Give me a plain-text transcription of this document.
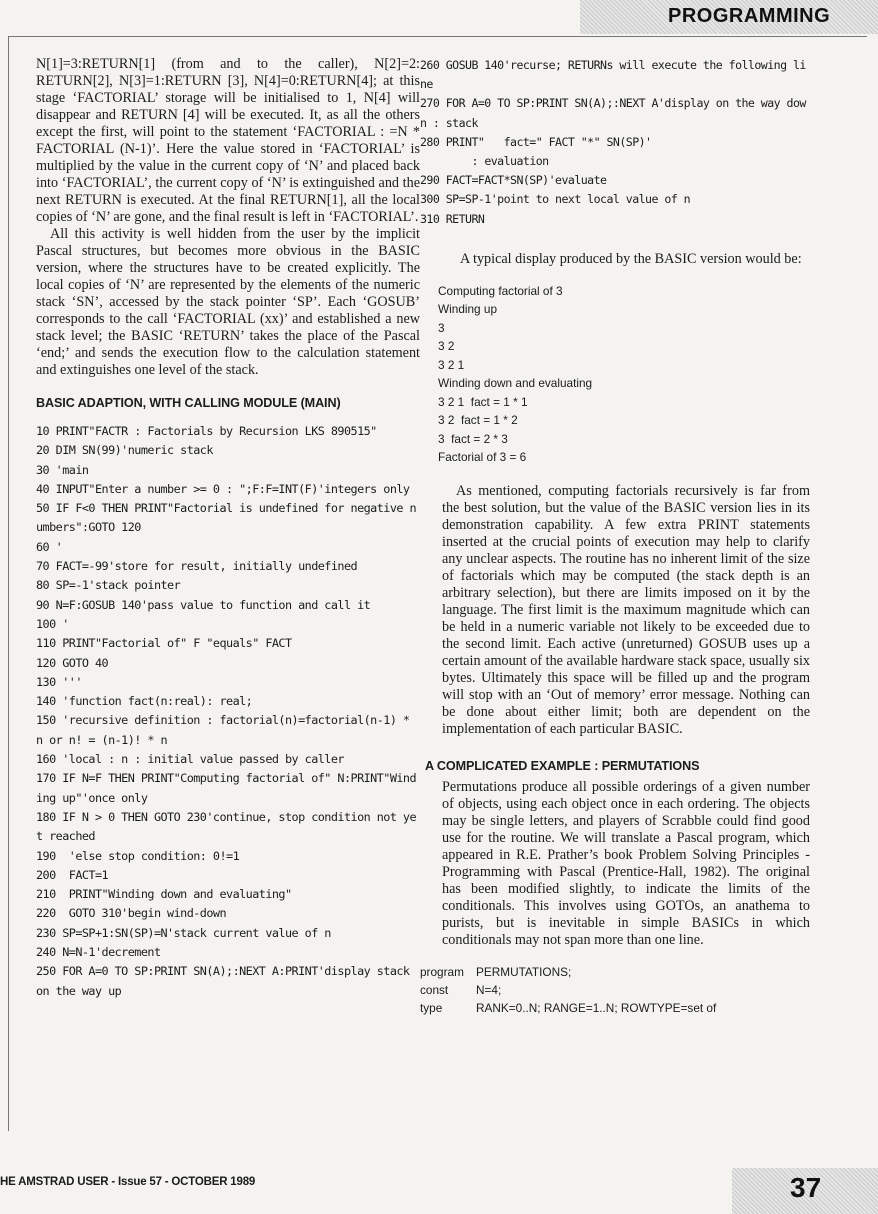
PROGRAMMING

N[1]=3:RETURN[1] (from and to the caller), N[2]=2: RETURN[2], N[3]=1:RETURN [3], N[4]=0:RETURN[4]; at this stage ‘FACTORIAL’ storage will be initialised to 1, N[4] will disappear and RETURN [4] will be executed. It, as all the others except the first, will point to the statement ‘FACTORIAL : =N * FACTORIAL (N-1)’. Here the value stored in ‘FACTORIAL’ is multiplied by the value in the current copy of ‘N’ and placed back into ‘FACTORIAL’, the current copy of ‘N’ is extinguished and the next RETURN is executed. At the final RETURN[1], all the local copies of ‘N’ are gone, and the final result is left in ‘FACTORIAL’.

All this activity is well hidden from the user by the implicit Pascal structures, but becomes more obvious in the BASIC version, where the structures have to be created explicitly. The local copies of ‘N’ are represented by the elements of the numeric stack ‘SN’, accessed by the stack pointer ‘SP’. Each ‘GOSUB’ corresponds to the call ‘FACTORIAL (xx)’ and established a new stack level; the BASIC ‘RETURN’ takes the place of the Pascal ‘end;’ and sends the execution flow to the calculation statement and extinguishes one level of the stack.

BASIC ADAPTION, WITH CALLING MODULE (MAIN)
10 PRINT"FACTR : Factorials by Recursion LKS 890515"
20 DIM SN(99)'numeric stack
30 'main
40 INPUT"Enter a number >= 0 : ";F:F=INT(F)'integers only
50 IF F<0 THEN PRINT"Factorial is undefined for negative numbers":GOTO 120
60 '
70 FACT=-99'store for result, initially undefined
80 SP=-1'stack pointer
90 N=F:GOSUB 140'pass value to function and call it
100 '
110 PRINT"Factorial of" F "equals" FACT
120 GOTO 40
130 '''
140 'function fact(n:real): real;
150 'recursive definition : factorial(n)=factorial(n-1) * n or n! = (n-1)! * n
160 'local : n : initial value passed by caller
170 IF N=F THEN PRINT"Computing factorial of" N:PRINT"Winding up"'once only
180 IF N > 0 THEN GOTO 230'continue, stop condition not yet reached
190  'else stop condition: 0!=1
200  FACT=1
210  PRINT"Winding down and evaluating"
220  GOTO 310'begin wind-down
230 SP=SP+1:SN(SP)=N'stack current value of n
240 N=N-1'decrement
250 FOR A=0 TO SP:PRINT SN(A);:NEXT A:PRINT'display stack on the way up
260 GOSUB 140'recurse; RETURNs will execute the following line
270 FOR A=0 TO SP:PRINT SN(A);:NEXT A'display on the way down : stack
280 PRINT"   fact=" FACT "*" SN(SP)'
: evaluation
290 FACT=FACT*SN(SP)'evaluate
300 SP=SP-1'point to next local value of n
310 RETURN

A typical display produced by the BASIC version would be:

Computing factorial of 3
Winding up
3
3 2
3 2 1
Winding down and evaluating
3 2 1  fact = 1 * 1
3 2  fact = 1 * 2
3  fact = 2 * 3
Factorial of 3 = 6

As mentioned, computing factorials recursively is far from the best solution, but the value of the BASIC version lies in its demonstration capability. A few extra PRINT statements inserted at the crucial points of execution may help to clarify any unclear aspects. The routine has no inherent limit of the size of factorials which may be computed (the stack depth is an arbitrary selection), but there are limits imposed on it by the language. The first limit is the maximum magnitude which can be held in a numeric variable not likely to be exceeded due to the second limit. Each active (unreturned) GOSUB uses up a certain amount of the available hardware stack space, usually six bytes. Ultimately this space will be filled up and the program will stop with an ‘Out of memory’ error message. Nothing can be done about either limit; both are dependent on the implementation of each particular BASIC.

A COMPLICATED EXAMPLE : PERMUTATIONS

Permutations produce all possible orderings of a given number of objects, using each object once in each ordering. The objects may be single letters, and players of Scrabble could find good use for the routine. We will translate a Pascal program, which appeared in R.E. Prather’s book Problem Solving Principles - Programming with Pascal (Prentice-Hall, 1982). The original has been modified slightly, to indicate the limits of the conditionals. This involves using GOTOs, an anathema to purists, but is inevitable in simple BASICs in which conditionals may not span more than one line.

program	PERMUTATIONS;
const	N=4;
type	RANK=0..N; RANGE=1..N; ROWTYPE=set of

HE AMSTRAD USER - Issue 57 - OCTOBER 1989	37
